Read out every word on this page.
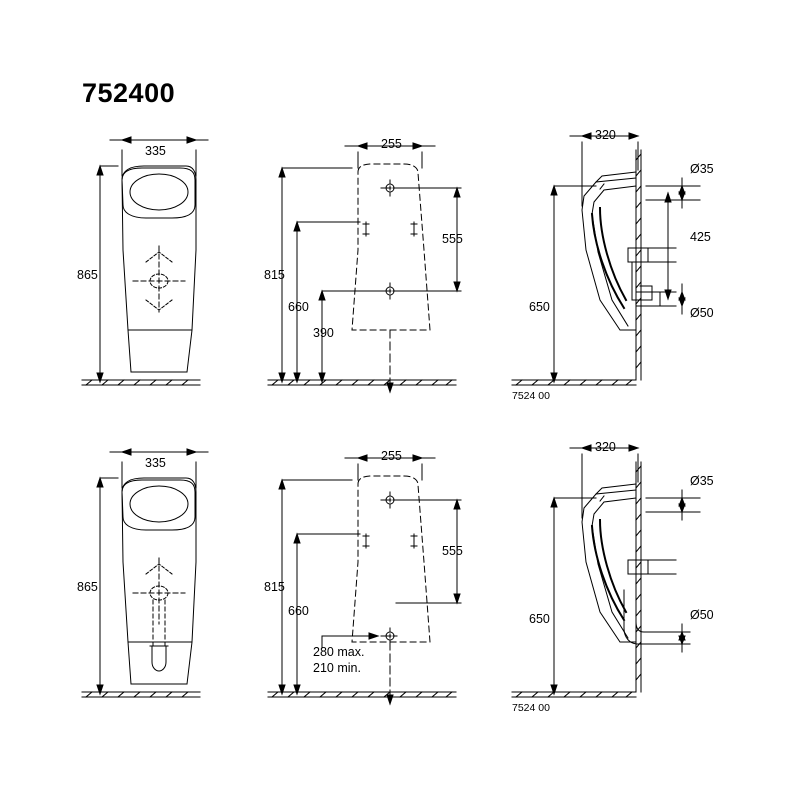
752400
335
865
255
555
815
660
390
320
Ø35
425
Ø50
650
7524 00
335
865
255
555
815
660
280 max.
210 min.
320
Ø35
Ø50
650
7524 00
